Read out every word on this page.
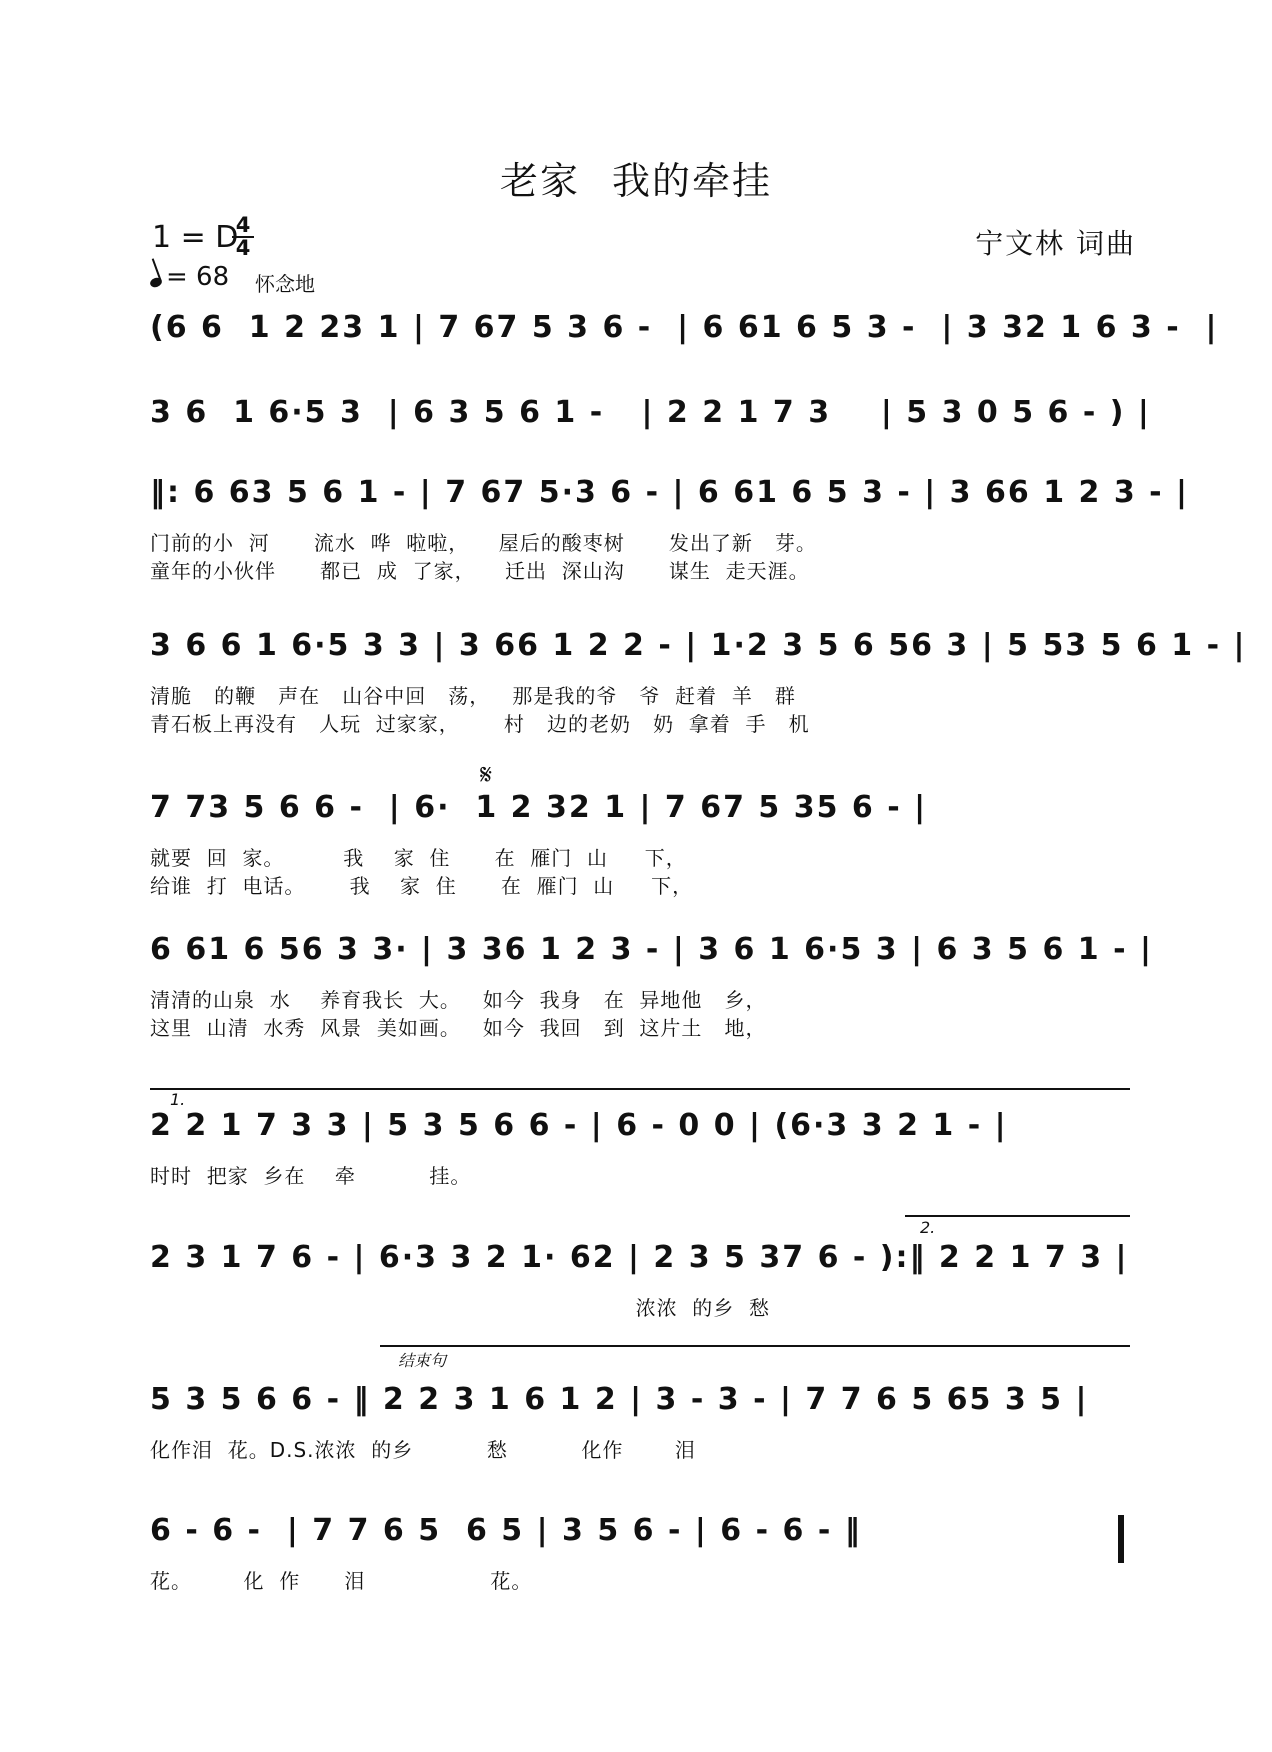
老家 我的牵挂
1 = D
4
4	宁文林 词曲
= 68 怀念地
𝄋
(6 6  1 2 23 1 | 7 67 5 3 6 -  | 6 61 6 5 3 -  | 3 32 1 6 3 -  |
3 6  1 6·5 3  | 6 3 5 6 1 -   | 2 2 1 7 3    | 5 3 0 5 6 - ) |
‖: 6 63 5 6 1 - | 7 67 5·3 6 - | 6 61 6 5 3 - | 3 66 1 2 3 - |
门前的小  河      流水  哗  啦啦，    屋后的酸枣树      发出了新   芽。
童年的小伙伴      都已  成  了家，    迁出  深山沟      谋生  走天涯。
3 6 6 1 6·5 3 3 | 3 66 1 2 2 - | 1·2 3 5 6 56 3 | 5 53 5 6 1 - |
清脆   的鞭   声在   山谷中回   荡，   那是我的爷   爷  赶着  羊   群
青石板上再没有   人玩  过家家，      村   边的老奶   奶  拿着  手   机
7 73 5 6 6 -  | 6·  1 2 32 1 | 7 67 5 35 6 - |
就要  回  家。        我    家  住      在  雁门  山     下，
给谁  打  电话。      我    家  住      在  雁门  山     下，
6 61 6 56 3 3· | 3 36 1 2 3 - | 3 6 1 6·5 3 | 6 3 5 6 1 - |
清清的山泉  水    养育我长  大。   如今  我身   在  异地他   乡，
这里  山清  水秀  风景  美如画。   如今  我回   到  这片土   地，
2 2 1 7 3 3 | 5 3 5 6 6 - | 6 - 0 0 | (6·3 3 2 1 - |
时时  把家  乡在    牵          挂。
2 3 1 7 6 - | 6·3 3 2 1· 62 | 2 3 5 37 6 - ):‖ 2 2 1 7 3 |
浓浓  的乡  愁
5 3 5 6 6 - ‖ 2 2 3 1 6 1 2 | 3 - 3 - | 7 7 6 5 65 3 5 |
化作泪  花。D.S.浓浓  的乡          愁          化作       泪
6 - 6 -  | 7 7 6 5  6 5 | 3 5 6 - | 6 - 6 - ‖
花。       化  作      泪                 花。
1.
2.
结束句
